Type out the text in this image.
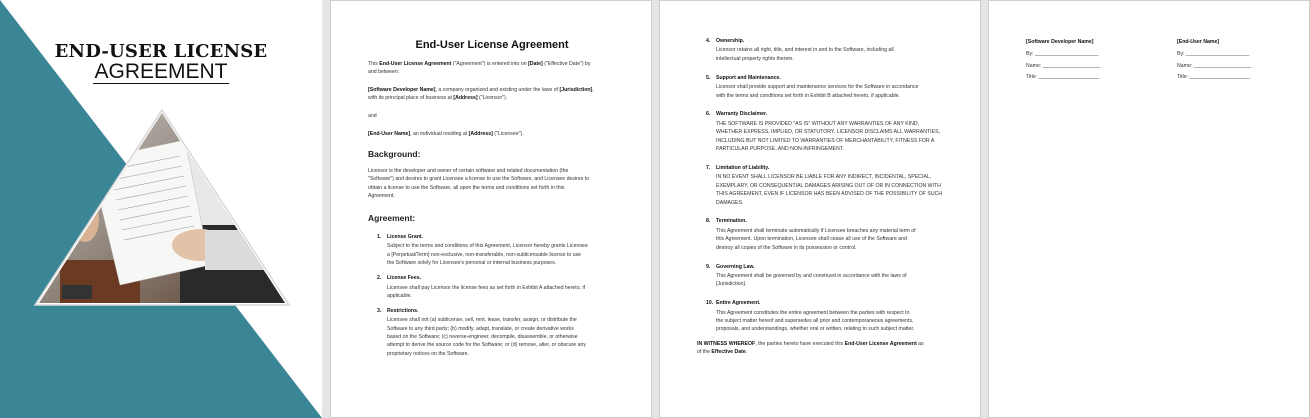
END-USER LICENSE
AGREEMENT
End-User License Agreement
This End-User License Agreement ("Agreement") is entered into on [Date] ("Effective Date") by
and between:
[Software Developer Name], a company organized and existing under the laws of [Jurisdiction],
with its principal place of business at [Address] ("Licensor").
and
[End-User Name], an individual residing at [Address] ("Licensee").
Background:
Licensor is the developer and owner of certain software and related documentation (the
"Software") and desires to grant Licensee a license to use the Software, and Licensee desires to
obtain a license to use the Software, all upon the terms and conditions set forth in this
Agreement.
Agreement:
1. License Grant.
Subject to the terms and conditions of this Agreement, Licensor hereby grants Licensee
a [Perpetual/Term] non-exclusive, non-transferable, non-sublicensable license to use
the Software solely for Licensee's personal or internal business purposes.
2. License Fees.
Licensee shall pay Licensor the license fees as set forth in Exhibit A attached hereto, if
applicable.
3. Restrictions.
Licensee shall not (a) sublicense, sell, rent, lease, transfer, assign, or distribute the
Software to any third party; (b) modify, adapt, translate, or create derivative works
based on the Software; (c) reverse-engineer, decompile, disassemble, or otherwise
attempt to derive the source code for the Software; or (d) remove, alter, or obscure any
proprietary notices on the Software.
4. Ownership.
Licensor retains all right, title, and interest in and to the Software, including all
intellectual property rights therein.
5. Support and Maintenance.
Licensor shall provide support and maintenance services for the Software in accordance
with the terms and conditions set forth in Exhibit B attached hereto, if applicable.
6. Warranty Disclaimer.
THE SOFTWARE IS PROVIDED "AS IS" WITHOUT ANY WARRANTIES OF ANY KIND,
WHETHER EXPRESS, IMPLIED, OR STATUTORY. LICENSOR DISCLAIMS ALL WARRANTIES,
INCLUDING BUT NOT LIMITED TO WARRANTIES OF MERCHANTABILITY, FITNESS FOR A
PARTICULAR PURPOSE, AND NON-INFRINGEMENT.
7. Limitation of Liability.
IN NO EVENT SHALL LICENSOR BE LIABLE FOR ANY INDIRECT, INCIDENTAL, SPECIAL,
EXEMPLARY, OR CONSEQUENTIAL DAMAGES ARISING OUT OF OR IN CONNECTION WITH
THIS AGREEMENT, EVEN IF LICENSOR HAS BEEN ADVISED OF THE POSSIBILITY OF SUCH
DAMAGES.
8. Termination.
This Agreement shall terminate automatically if Licensee breaches any material term of
this Agreement. Upon termination, Licensee shall cease all use of the Software and
destroy all copies of the Software in its possession or control.
9. Governing Law.
This Agreement shall be governed by and construed in accordance with the laws of
[Jurisdiction].
10. Entire Agreement.
This Agreement constitutes the entire agreement between the parties with respect to
the subject matter hereof and supersedes all prior and contemporaneous agreements,
proposals, and understandings, whether oral or written, relating to such subject matter.
IN WITNESS WHEREOF, the parties hereto have executed this End-User License Agreement as
of the Effective Date.
[Software Developer Name]
By: ______________________
Name: ____________________
Title: _____________________
[End-User Name]
By: ______________________
Name: ____________________
Title: _____________________
